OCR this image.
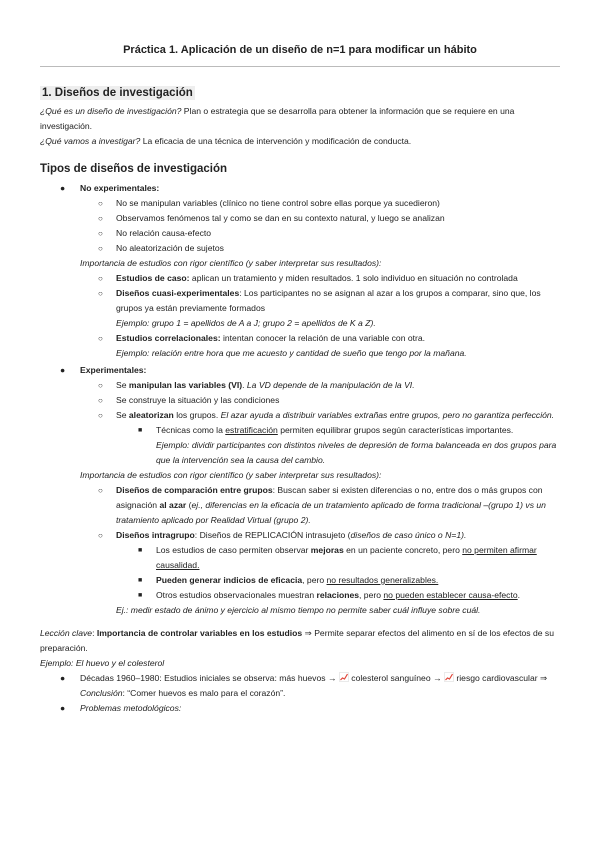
Práctica 1. Aplicación de un diseño de n=1 para modificar un hábito
1. Diseños de investigación

¿Qué es un diseño de investigación? Plan o estrategia que se desarrolla para obtener la información que se requiere en una investigación.

¿Qué vamos a investigar? La eficacia de una técnica de intervención y modificación de conducta.

Tipos de diseños de investigación
● No experimentales:
○ No se manipulan variables (clínico no tiene control sobre ellas porque ya sucedieron)
○ Observamos fenómenos tal y como se dan en su contexto natural, y luego se analizan
○ No relación causa-efecto
○ No aleatorización de sujetos
Importancia de estudios con rigor científico (y saber interpretar sus resultados):
○ Estudios de caso: aplican un tratamiento y miden resultados. 1 solo individuo en situación no controlada
○ Diseños cuasi-experimentales: Los participantes no se asignan al azar a los grupos a comparar, sino que, los grupos ya están previamente formados
Ejemplo: grupo 1 = apellidos de A a J; grupo 2 = apellidos de K a Z).
○ Estudios correlacionales: intentan conocer la relación de una variable con otra.
Ejemplo: relación entre hora que me acuesto y cantidad de sueño que tengo por la mañana.
● Experimentales:
○ Se manipulan las variables (VI). La VD depende de la manipulación de la VI.
○ Se construye la situación y las condiciones
○ Se aleatorizan los grupos. El azar ayuda a distribuir variables extrañas entre grupos, pero no garantiza perfección.
■ Técnicas como la estratificación permiten equilibrar grupos según características importantes.
Ejemplo: dividir participantes con distintos niveles de depresión de forma balanceada en dos grupos para que la intervención sea la causa del cambio.
Importancia de estudios con rigor científico (y saber interpretar sus resultados):
○ Diseños de comparación entre grupos: Buscan saber si existen diferencias o no, entre dos o más grupos con asignación al azar (ej., diferencias en la eficacia de un tratamiento aplicado de forma tradicional –(grupo 1) vs un tratamiento aplicado por Realidad Virtual (grupo 2).
○ Diseños intragrupo: Diseños de REPLICACIÓN intrasujeto (diseños de caso único o N=1).
■ Los estudios de caso permiten observar mejoras en un paciente concreto, pero no permiten afirmar causalidad.
■ Pueden generar indicios de eficacia, pero no resultados generalizables.
■ Otros estudios observacionales muestran relaciones, pero no pueden establecer causa-efecto.
Ej.: medir estado de ánimo y ejercicio al mismo tiempo no permite saber cuál influye sobre cuál.

Lección clave: Importancia de controlar variables en los estudios ⇒ Permite separar efectos del alimento en sí de los efectos de su preparación.

Ejemplo: El huevo y el colesterol

● Décadas 1960–1980: Estudios iniciales se observa: más huevos →  colesterol sanguíneo →  riesgo cardiovascular ⇒ Conclusión: “Comer huevos es malo para el corazón”.
● Problemas metodológicos:
